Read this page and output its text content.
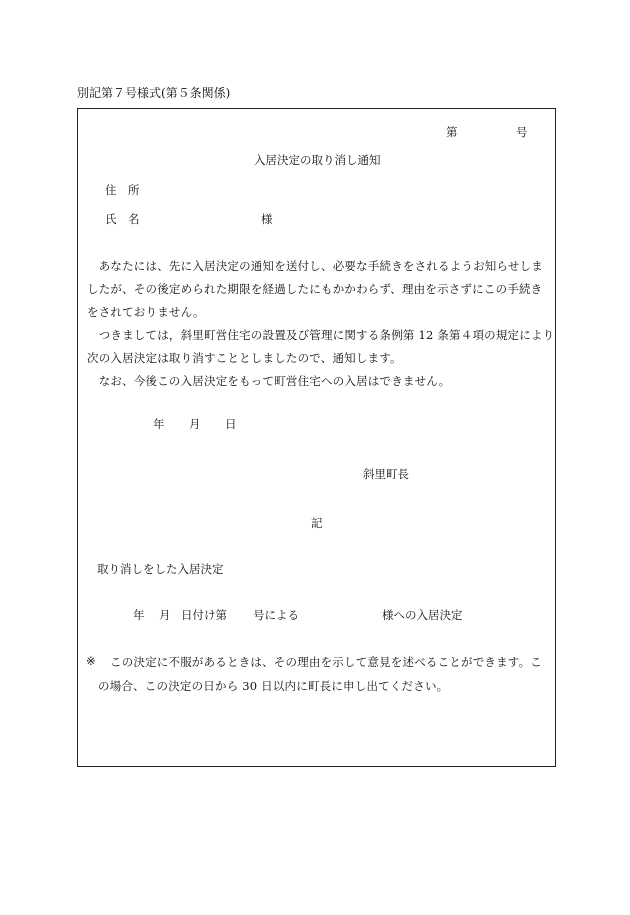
別記第７号様式(第５条関係)
第	号
入居決定の取り消し通知
住　所
氏　名	様
　あなたには、先に入居決定の通知を送付し、必要な手続きをされるようお知らせしま
したが、その後定められた期限を経過したにもかかわらず、理由を示さずにこの手続き
をされておりません。
　つきましては，斜里町営住宅の設置及び管理に関する条例第 12 条第４項の規定により
次の入居決定は取り消すこととしましたので、通知します。
　なお、今後この入居決定をもって町営住宅への入居はできません。
年 月 日
斜里町長
記
取り消しをした入居決定
年 月 日付け第 号による	様への入居決定
※ この決定に不服があるときは、その理由を示して意見を述べることができます。こ
の場合、この決定の日から 30 日以内に町長に申し出てください。
